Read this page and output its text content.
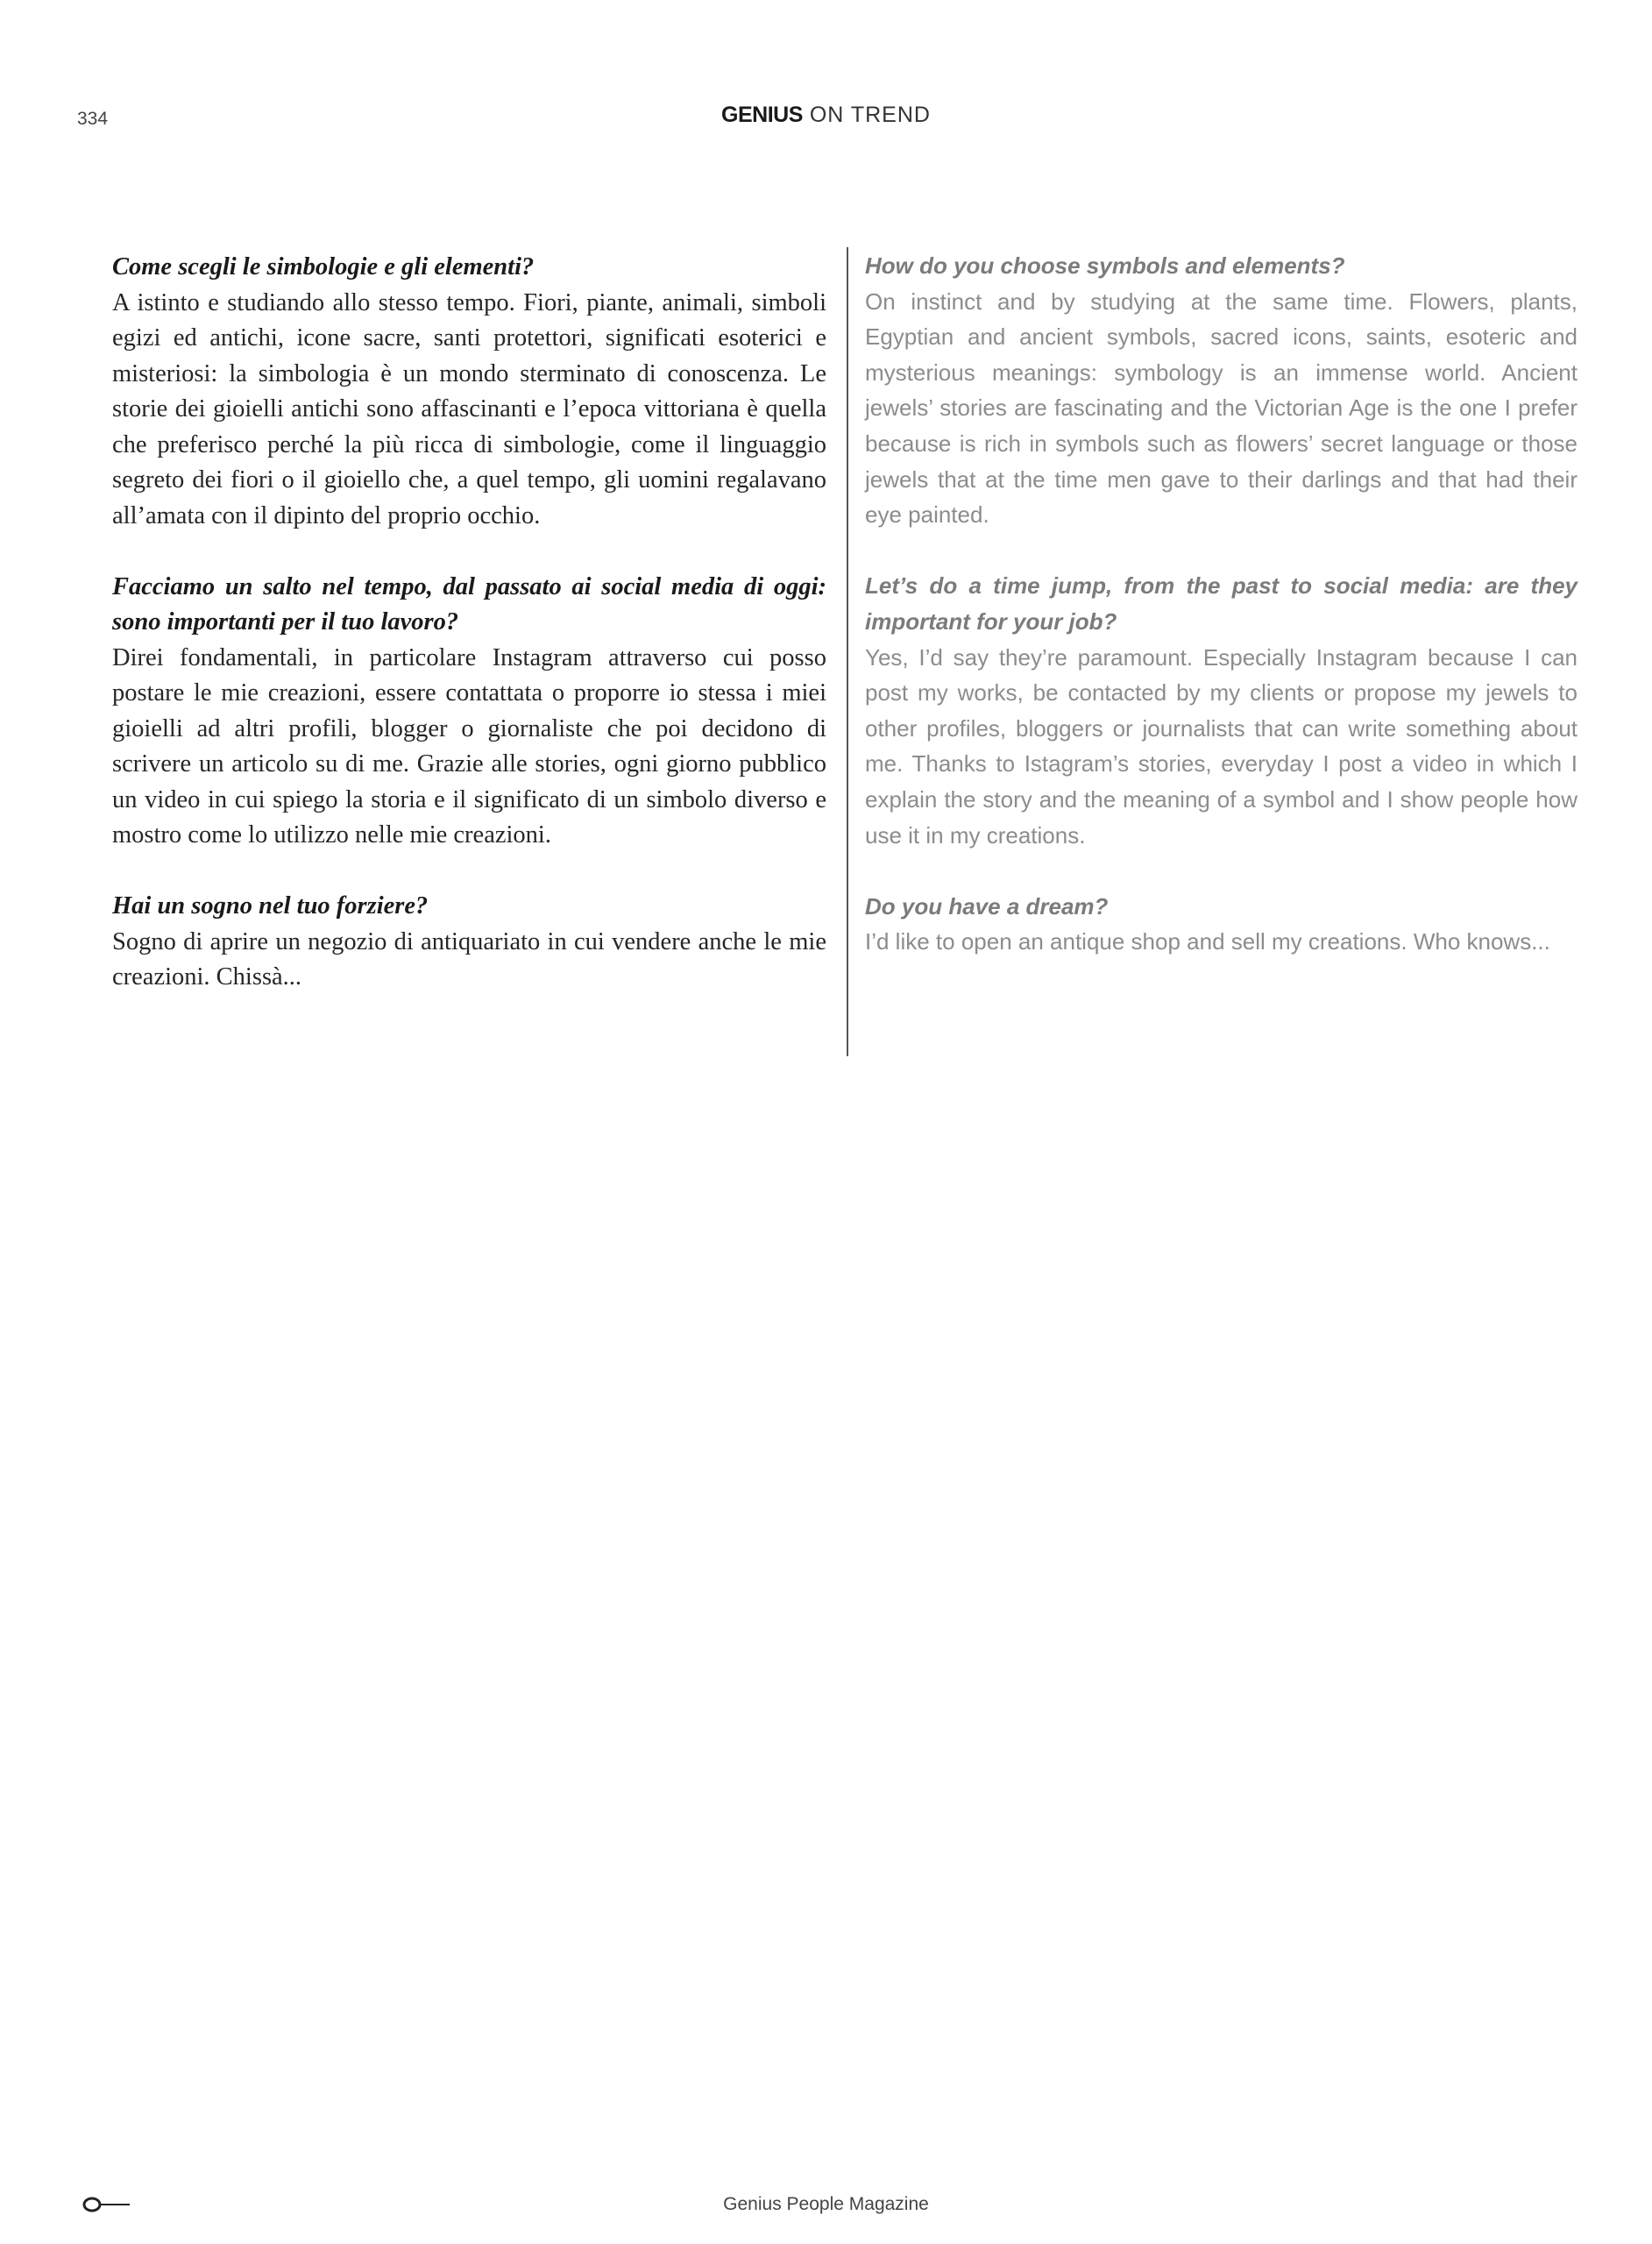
334	GENIUS ON TREND

Come scegli le simbologie e gli elementi?

A istinto e studiando allo stesso tempo. Fiori, piante, animali, simboli egizi ed antichi, icone sacre, santi protettori, significati esoterici e misteriosi: la simbologia è un mondo sterminato di conoscenza. Le storie dei gioielli antichi sono affascinanti e l’epoca vittoriana è quella che preferisco perché la più ricca di simbologie, come il linguaggio segreto dei fiori o il gioiello che, a quel tempo, gli uomini regalavano all’amata con il dipinto del proprio occhio.

Facciamo un salto nel tempo, dal passato ai social media di oggi: sono importanti per il tuo lavoro?

Direi fondamentali, in particolare Instagram attraverso cui posso postare le mie creazioni, essere contattata o proporre io stessa i miei gioielli ad altri profili, blogger o giornaliste che poi decidono di scrivere un articolo su di me. Grazie alle stories, ogni giorno pubblico un video in cui spiego la storia e il significato di un simbolo diverso e mostro come lo utilizzo nelle mie creazioni.

Hai un sogno nel tuo forziere?

Sogno di aprire un negozio di antiquariato in cui vendere anche le mie creazioni. Chissà...

How do you choose symbols and elements?

On instinct and by studying at the same time. Flowers, plants, Egyptian and ancient symbols, sacred icons, saints, esoteric and mysterious meanings: symbology is an immense world. Ancient jewels’ stories are fascinating and the Victorian Age is the one I prefer because is rich in symbols such as flowers’ secret language or those jewels that at the time men gave to their darlings and that had their eye painted.

Let’s do a time jump, from the past to social media: are they important for your job?

Yes, I’d say they’re paramount. Especially Instagram because I can post my works, be contacted by my clients or propose my jewels to other profiles, bloggers or journalists that can write something about me. Thanks to Istagram’s stories, everyday I post a video in which I explain the story and the meaning of a symbol and I show people how use it in my creations.

Do you have a dream?

I’d like to open an antique shop and sell my creations. Who knows...

Genius People Magazine
